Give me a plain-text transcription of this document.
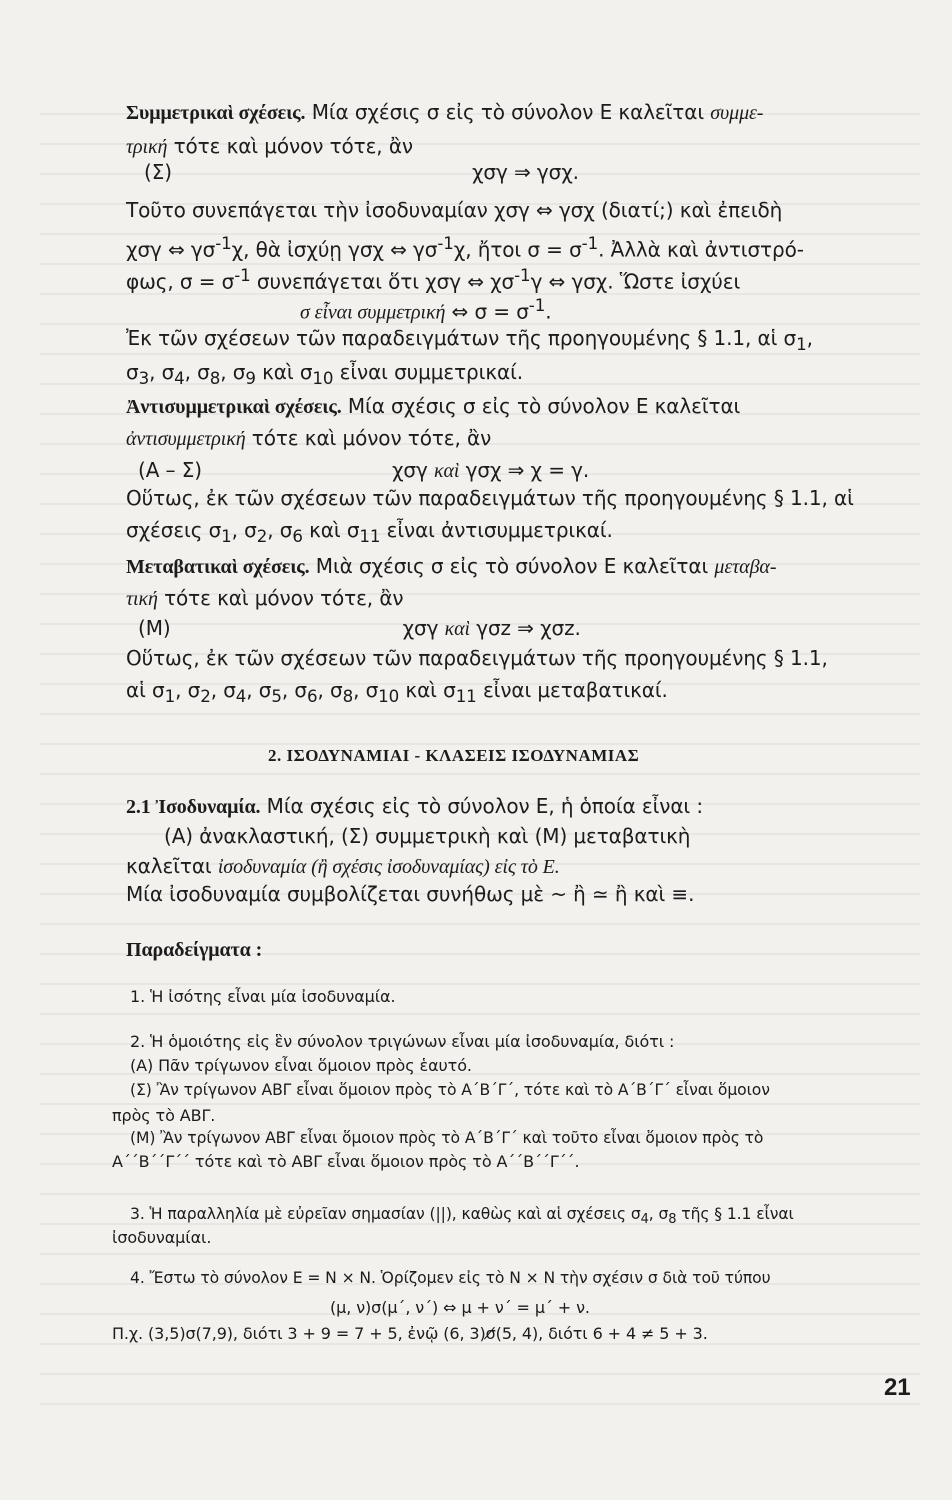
Συμμετρικαὶ σχέσεις. Μία σχέσις σ εἰς τὸ σύνολον Ε καλεῖται συμμε-

τρική τότε καὶ μόνον τότε, ἂν

(Σ)	χσγ ⇒ γσχ.

Τοῦτο συνεπάγεται τὴν ἰσοδυναμίαν χσγ ⇔ γσχ (διατί;) καὶ ἐπειδὴ

χσγ ⇔ $\gamma\sigma^{-1}\chi$, θὰ ἰσχύῃ γσχ ⇔ $\gamma\sigma^{-1}\chi$, ἤτοι $\sigma = \sigma^{-1}$. Ἀλλὰ καὶ ἀντιστρό-

φως, $\sigma = \sigma^{-1}$ συνεπάγεται ὅτι χσγ ⇔ $\chi\sigma^{-1}\gamma$ ⇔ γσχ. Ὥστε ἰσχύει

σ εἶναι συμμετρική ⇔ $\sigma = \sigma^{-1}$.

Ἐκ τῶν σχέσεων τῶν παραδειγμάτων τῆς προηγουμένης § 1.1, αἱ $\sigma_1$,

$\sigma_3$, $\sigma_4$, $\sigma_8$, $\sigma_9$ καὶ $\sigma_{10}$ εἶναι συμμετρικαί.

Ἀντισυμμετρικαὶ σχέσεις. Μία σχέσις σ εἰς τὸ σύνολον Ε καλεῖται

ἀντισυμμετρική τότε καὶ μόνον τότε, ἂν

(Α – Σ)	χσγ καὶ γσχ ⇒ χ = γ.

Οὕτως, ἐκ τῶν σχέσεων τῶν παραδειγμάτων τῆς προηγουμένης § 1.1, αἱ

σχέσεις $\sigma_1$, $\sigma_2$, $\sigma_6$ καὶ $\sigma_{11}$ εἶναι ἀντισυμμετρικαί.

Μεταβατικαὶ σχέσεις. Μιὰ σχέσις σ εἰς τὸ σύνολον Ε καλεῖται μεταβα-

τική τότε καὶ μόνον τότε, ἂν

(Μ)	χσγ καὶ γσz ⇒ χσz.

Οὕτως, ἐκ τῶν σχέσεων τῶν παραδειγμάτων τῆς προηγουμένης § 1.1,

αἱ $\sigma_1$, $\sigma_2$, $\sigma_4$, $\sigma_5$, $\sigma_6$, $\sigma_8$, $\sigma_{10}$ καὶ $\sigma_{11}$ εἶναι μεταβατικαί.

2. ΙΣΟΔΥΝΑΜΙΑΙ - ΚΛΑΣΕΙΣ ΙΣΟΔΥΝΑΜΙΑΣ

2.1 Ἰσοδυναμία. Μία σχέσις εἰς τὸ σύνολον Ε, ἡ ὁποία εἶναι :

(Α) ἀνακλαστική, (Σ) συμμετρικὴ καὶ (Μ) μεταβατικὴ

καλεῖται ἰσοδυναμία (ἢ σχέσις ἰσοδυναμίας) εἰς τὸ Ε.

Μία ἰσοδυναμία συμβολίζεται συνήθως μὲ ~ ἢ ≃ ἢ καὶ ≡.

Παραδείγματα :

1. Ἡ ἰσότης εἶναι μία ἰσοδυναμία.

2. Ἡ ὁμοιότης εἰς ἓν σύνολον τριγώνων εἶναι μία ἰσοδυναμία, διότι :

(Α) Πᾶν τρίγωνον εἶναι ὅμοιον πρὸς ἑαυτό.

(Σ) Ἂν τρίγωνον ΑΒΓ εἶναι ὅμοιον πρὸς τὸ Α΄Β΄Γ΄, τότε καὶ τὸ Α΄Β΄Γ΄ εἶναι ὅμοιον

πρὸς τὸ ΑΒΓ.

(Μ) Ἂν τρίγωνον ΑΒΓ εἶναι ὅμοιον πρὸς τὸ Α΄Β΄Γ΄ καὶ τοῦτο εἶναι ὅμοιον πρὸς τὸ

Α΄΄Β΄΄Γ΄΄ τότε καὶ τὸ ΑΒΓ εἶναι ὅμοιον πρὸς τὸ Α΄΄Β΄΄Γ΄΄.

3. Ἡ παραλληλία μὲ εὐρεῖαν σημασίαν (||), καθὼς καὶ αἱ σχέσεις $\sigma_4$, $\sigma_8$ τῆς § 1.1 εἶναι

ἰσοδυναμίαι.

4. Ἔστω τὸ σύνολον Ε = N × N. Ὁρίζομεν εἰς τὸ N × N τὴν σχέσιν σ διὰ τοῦ τύπου

(μ, ν)σ(μ΄, ν΄) ⇔ μ + ν΄ = μ΄ + ν.

Π.χ. (3,5)σ(7,9), διότι 3 + 9 = 7 + 5, ἐνῷ (6, 3)σ̸(5, 4), διότι 6 + 4 ≠ 5 + 3.

21
